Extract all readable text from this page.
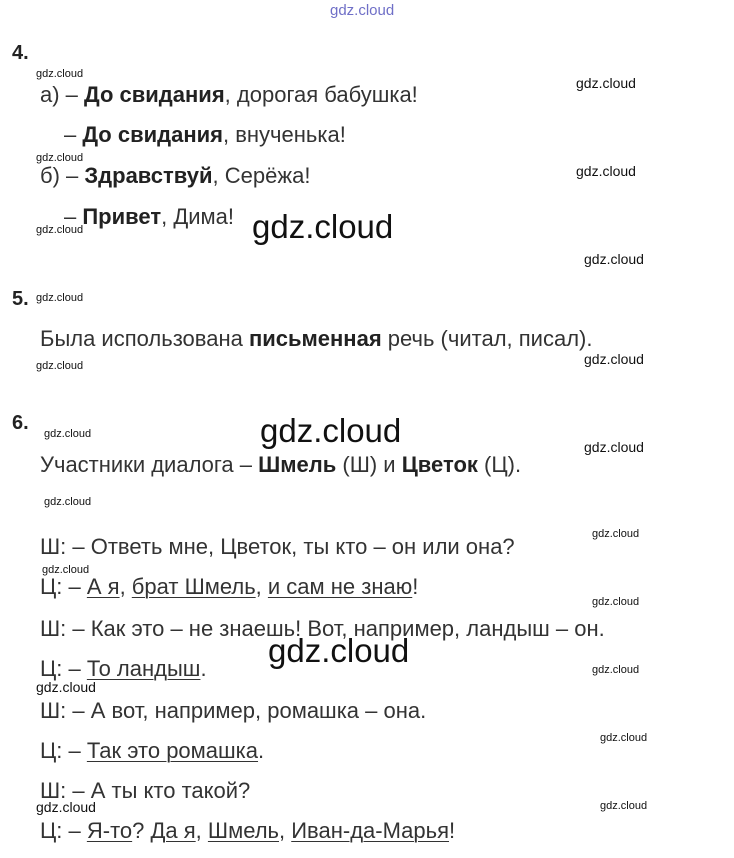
gdz.cloud
4.
а) – До свидания, дорогая бабушка!
– До свидания, внученька!
б) – Здравствуй, Серёжа!
– Привет, Дима!
5.
Была использована письменная речь (читал, писал).
6.
Участники диалога – Шмель (Ш) и Цветок (Ц).
Ш: – Ответь мне, Цветок, ты кто – он или она?
Ц: – А я, брат Шмель, и сам не знаю!
Ш: – Как это – не знаешь! Вот, например, ландыш – он.
Ц: – То ландыш.
Ш: – А вот, например, ромашка – она.
Ц: – Так это ромашка.
Ш: – А ты кто такой?
Ц: – Я-то? Да я, Шмель, Иван-да-Марья!
gdz.cloud
gdz.cloud
gdz.cloud
gdz.cloud
gdz.cloud
gdz.cloud
gdz.cloud
gdz.cloud
gdz.cloud
gdz.cloud
gdz.cloud
gdz.cloud
gdz.cloud
gdz.cloud
gdz.cloud
gdz.cloud
gdz.cloud
gdz.cloud
gdz.cloud
gdz.cloud
gdz.cloud
gdz.cloud
gdz.cloud
